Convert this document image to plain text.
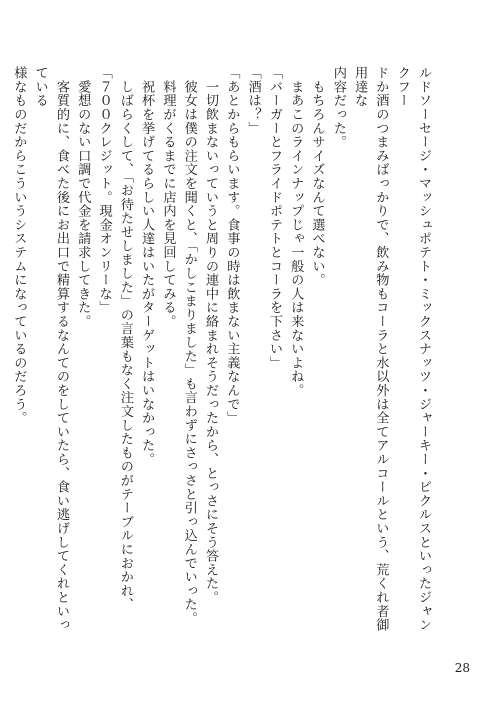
ルドソーセージ・マッシュポテト・ミックスナッツ・ジャーキー・ピクルスといったジャンクフー

ドか酒のつまみばっかりで、飲み物もコーラと水以外は全てアルコールという、荒くれ者御用達な

内容だった。

　もちろんサイズなんて選べない。

　まあこのラインナップじゃ一般の人は来ないよね。

「バーガーとフライドポテトとコーラを下さい」

「酒は？」

「あとからもらいます。食事の時は飲まない主義なんで」

　一切飲まないっていうと周りの連中に絡まれそうだったから、とっさにそう答えた。

　彼女は僕の注文を聞くと、「かしこまりました」も言わずにさっさと引っ込んでいった。

　料理がくるまでに店内を見回してみる。

　祝杯を挙げてるらしい人達はいたがターゲットはいなかった。

　しばらくして、「お待たせしました」の言葉もなく注文したものがテーブルにおかれ、

「７００クレジット。現金オンリーな」

　愛想のない口調で代金を請求してきた。

　客質的に、食べた後にお出口で精算するなんてのをしていたら、食い逃げしてくれといっている

様なものだからこういうシステムになっているのだろう。

28
